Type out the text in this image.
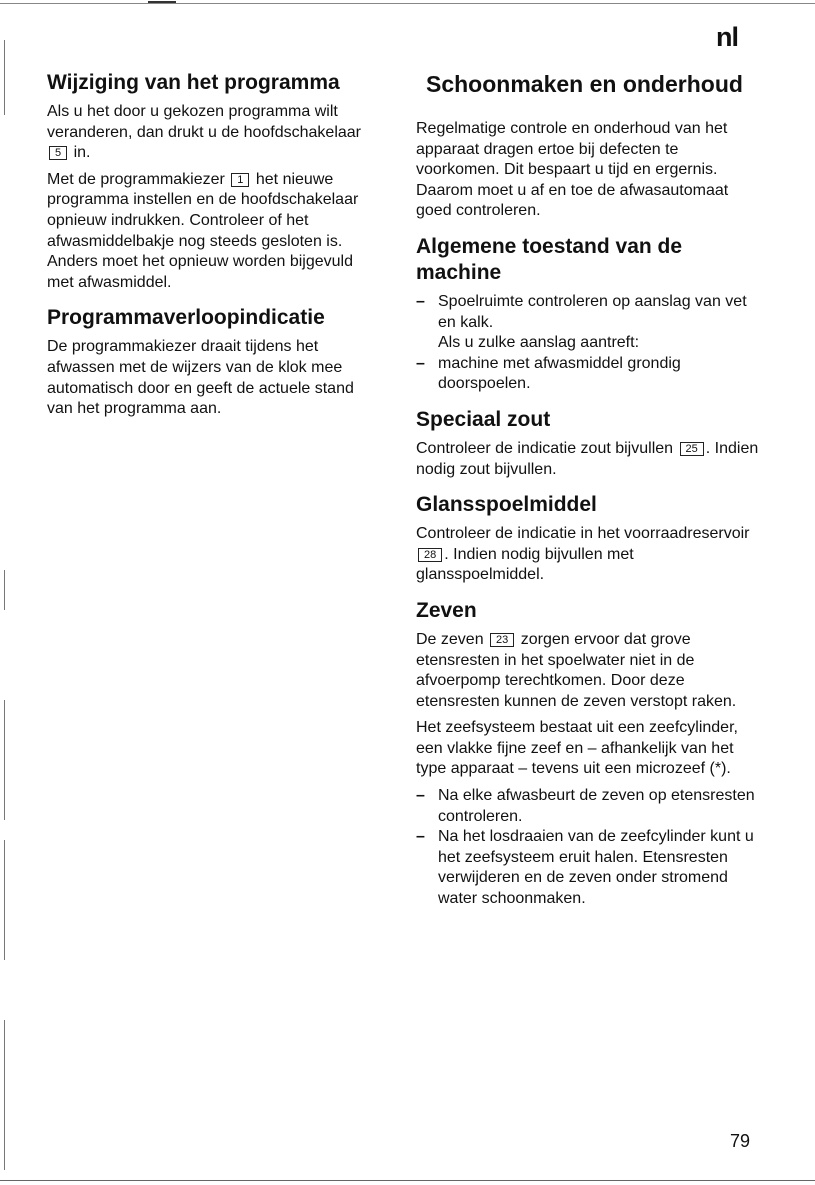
nl
Wijziging van het programma

Als u het door u gekozen programma wilt veranderen, dan drukt u de hoofdschakelaar 5 in.

Met de programmakiezer 1 het nieuwe programma instellen en de hoofdschakelaar opnieuw indrukken. Controleer of het afwasmiddelbakje nog steeds gesloten is. Anders moet het opnieuw worden bijgevuld met afwasmiddel.

Programmaverloopindicatie

De programmakiezer draait tijdens het afwassen met de wijzers van de klok mee automatisch door en geeft de actuele stand van het programma aan.

Schoonmaken en onderhoud

Regelmatige controle en onderhoud van het apparaat dragen ertoe bij defecten te voorkomen. Dit bespaart u tijd en ergernis. Daarom moet u af en toe de afwasautomaat goed controleren.

Algemene toestand van de machine
– Spoelruimte controleren op aanslag van vet en kalk.
Als u zulke aanslag aantreft:
– machine met afwasmiddel grondig doorspoelen.
Speciaal zout

Controleer de indicatie zout bijvullen 25 . Indien nodig zout bijvullen.

Glansspoelmiddel

Controleer de indicatie in het voorraadreservoir 28 . Indien nodig bijvullen met glansspoelmiddel.

Zeven

De zeven 23 zorgen ervoor dat grove etensresten in het spoelwater niet in de afvoerpomp terechtkomen. Door deze etensresten kunnen de zeven verstopt raken.

Het zeefsysteem bestaat uit een zeefcylinder, een vlakke fijne zeef en – afhankelijk van het type apparaat – tevens uit een microzeef (*).

– Na elke afwasbeurt de zeven op etensresten controleren.
– Na het losdraaien van de zeefcylinder kunt u het zeefsysteem eruit halen. Etensresten verwijderen en de zeven onder stromend water schoonmaken.
79
